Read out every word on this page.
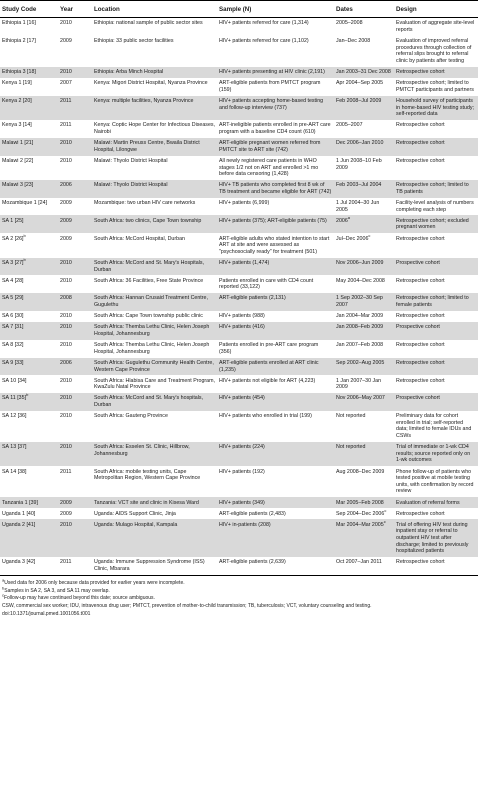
Study Code	Year	Location	Sample (N)	Dates	Design
Ethiopia 1 [16]	2010	Ethiopia: national sample of public sector sites	HIV+ patients referred for care (1,314)	2005–2008	Evaluation of aggregate site-level reports
Ethiopia 2 [17]	2009	Ethiopia: 33 public sector facilities	HIV+ patients referred for care (1,102)	Jan–Dec 2008	Evaluation of improved referral procedures through collection of referral slips brought to referral clinic by patients after testing
Ethiopia 3 [18]	2010	Ethiopia: Arba Minch Hospital	HIV+ patients presenting at HIV clinic (2,191)	Jan 2003–31 Dec 2008	Retrospective cohort
Kenya 1 [19]	2007	Kenya: Migori District Hospital, Nyanza Province	ART-eligible patients from PMTCT program (159)	Apr 2004–Sep 2005	Retrospective cohort; limited to PMTCT participants and partners
Kenya 2 [20]	2011	Kenya: multiple facilities, Nyanza Province	HIV+ patients accepting home-based testing and follow-up interview (737)	Feb 2008–Jul 2009	Household survey of participants in home-based HIV testing study; self-reported data
Kenya 3 [14]	2011	Kenya: Coptic Hope Center for Infectious Diseases, Nairobi	ART-ineligible patients enrolled in pre-ART care program with a baseline CD4 count (610)	2005–2007	Retrospective cohort
Malawi 1 [21]	2010	Malawi: Martin Preuss Centre, Bwaila District Hospital, Lilongwe	ART-eligible pregnant women referred from PMTCT site to ART site (742)	Dec 2006–Jan 2010	Retrospective cohort
Malawi 2 [22]	2010	Malawi: Thyolo District Hospital	All newly registered care patients in WHO stages 1/2 not on ART and enrolled >1 mo before data censoring (1,428)	1 Jun 2008–10 Feb 2009	Retrospective cohort
Malawi 3 [23]	2006	Malawi: Thyolo District Hospital	HIV+ TB patients who completed first 8 wk of TB treatment and became eligible for ART (742)	Feb 2003–Jul 2004	Retrospective cohort; limited to TB patients
Mozambique 1 [24]	2009	Mozambique: two urban HIV care networks	HIV+ patients (6,999)	1 Jul 2004–30 Jun 2005	Facility-level analysis of numbers completing each step
SA 1 [25]	2009	South Africa: two clinics, Cape Town township	HIV+ patients (375); ART-eligible patients (75)	2006$^a$	Retrospective cohort; excluded pregnant women
SA 2 $[26]^b$	2009	South Africa: McCord Hospital, Durban	ART-eligible adults who stated intention to start ART at site and were assessed as "psychosocially ready" for treatment (501)	Jul–Dec 2006$^c$	Retrospective cohort
SA 3 $[27]^b$	2010	South Africa: McCord and St. Mary's Hospitals, Durban	HIV+ patients (1,474)	Nov 2006–Jun 2009	Prospective cohort
SA 4 [28]	2010	South Africa: 36 Facilities, Free State Province	Patients enrolled in care with CD4 count reported (33,122)	May 2004–Dec 2008	Retrospective cohort
SA 5 [29]	2008	South Africa: Hannan Crusaid Treatment Centre, Gugulethu	ART-eligible patients (2,131)	1 Sep 2002–30 Sep 2007	Retrospective cohort; limited to female patients
SA 6 [30]	2010	South Africa: Cape Town township public clinic	HIV+ patients (988)	Jan 2004–Mar 2009	Retrospective cohort
SA 7 [31]	2010	South Africa: Themba Lethu Clinic, Helen Joseph Hospital, Johannesburg	HIV+ patients (416)	Jan 2008–Feb 2009	Prospective cohort
SA 8 [32]	2010	South Africa: Themba Lethu Clinic, Helen Joseph Hospital, Johannesburg	Patients enrolled in pre-ART care program (356)	Jan 2007–Feb 2008	Retrospective cohort
SA 9 [33]	2006	South Africa: Gugulethu Community Health Centre, Western Cape Province	ART-eligible patients enrolled at ART clinic (1,235)	Sep 2002–Aug 2005	Retrospective cohort
SA 10 [34]	2010	South Africa: Hlabisa Care and Treatment Program, KwaZulu Natal Province	HIV+ patients not eligible for ART (4,223)	1 Jan 2007–30 Jan 2009	Retrospective cohort
SA 11 $[35]^b$	2010	South Africa: McCord and St. Mary's hospitals, Durban	HIV+ patients (454)	Nov 2006–May 2007	Prospective cohort
SA 12 [36]	2010	South Africa: Gauteng Province	HIV+ patients who enrolled in trial (199)	Not reported	Preliminary data for cohort enrolled in trial; self-reported data; limited to female IDUs and CSWs
SA 13 [37]	2010	South Africa: Esselen St. Clinic, Hillbrow, Johannesburg	HIV+ patients (224)	Not reported	Trial of immediate or 1-wk CD4 results; source reported only on 1-wk outcomes
SA 14 [38]	2011	South Africa: mobile testing units, Cape Metropolitan Region, Western Cape Province	HIV+ patients (192)	Aug 2008–Dec 2009	Phone follow-up of patients who tested positive at mobile testing units, with confirmation by record review
Tanzania 1 [39]	2009	Tanzania: VCT site and clinic in Kisesa Ward	HIV+ patients (349)	Mar 2005–Feb 2008	Evaluation of referral forms
Uganda 1 [40]	2009	Uganda: AIDS Support Clinic, Jinja	ART-eligible patients (2,483)	Sep 2004–Dec 2006$^c$	Retrospective cohort
Uganda 2 [41]	2010	Uganda: Mulago Hospital, Kampala	HIV+ in-patients (208)	Mar 2004–Mar 2005$^c$	Trial of offering HIV test during inpatient stay or referral to outpatient HIV test after discharge; limited to previously hospitalized patients
Uganda 3 [42]	2011	Uganda: Immune Suppression Syndrome (ISS) Clinic, Mbarara	ART-eligible patients (2,639)	Oct 2007–Jan 2011	Retrospective cohort

$^a$Used data for 2006 only because data provided for earlier years were incomplete.

$^b$Samples in SA 2, SA 3, and SA 11 may overlap.

$^c$Follow-up may have continued beyond this date; source ambiguous.

CSW, commercial sex worker; IDU, intravenous drug user; PMTCT, prevention of mother-to-child transmission; TB, tuberculosis; VCT, voluntary counseling and testing.

doi:10.1371/journal.pmed.1001056.t001
